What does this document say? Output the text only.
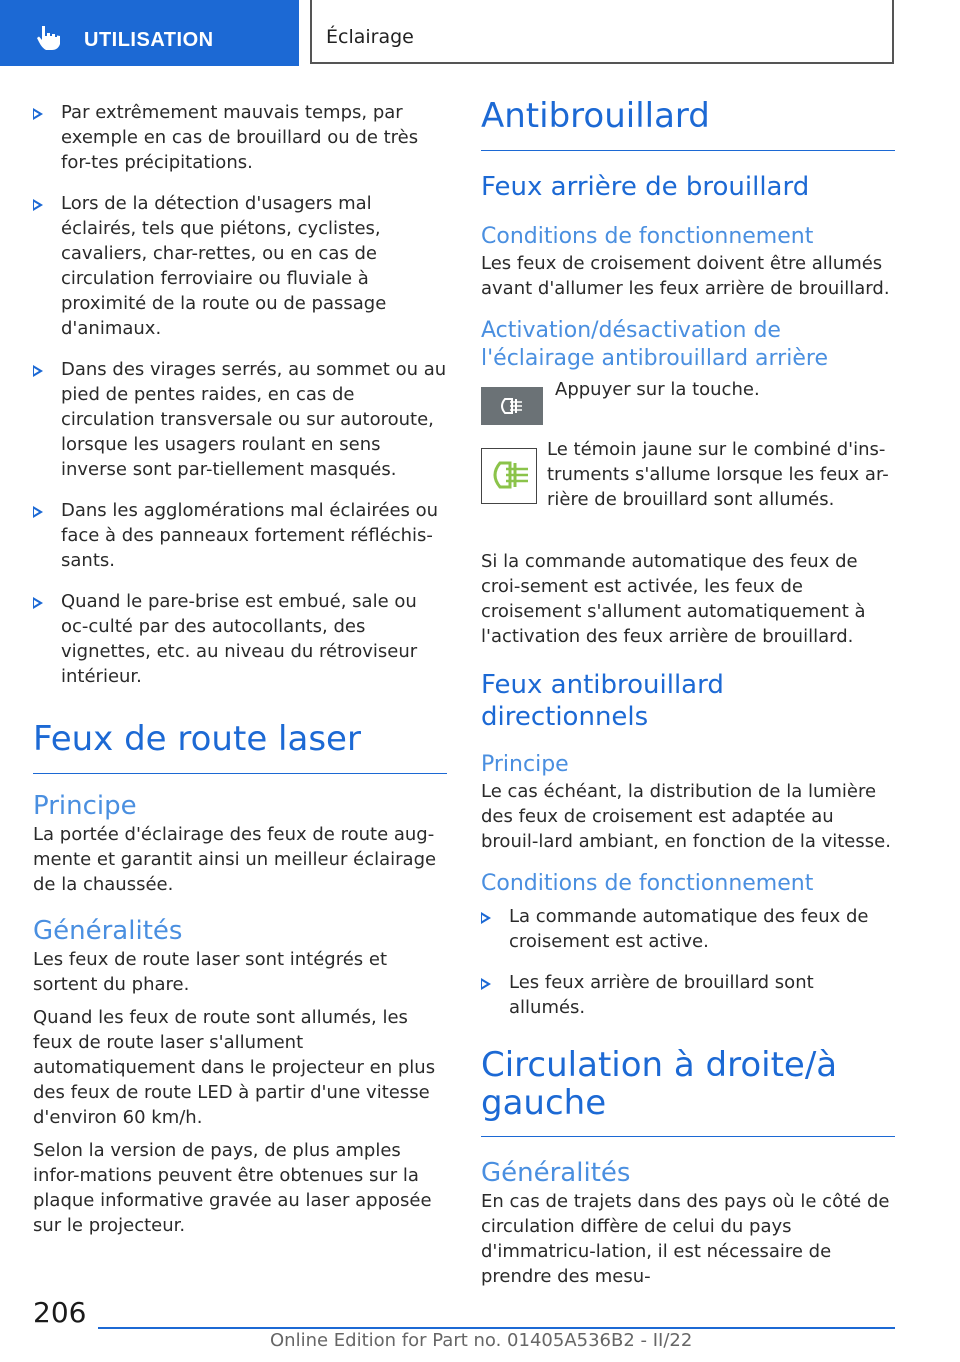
UTILISATION	Éclairage
Par extrêmement mauvais temps, par exemple en cas de brouillard ou de très for-tes précipitations.
Lors de la détection d'usagers mal éclairés, tels que piétons, cyclistes, cavaliers, char-rettes, ou en cas de circulation ferroviaire ou fluviale à proximité de la route ou de passage d'animaux.
Dans des virages serrés, au sommet ou au pied de pentes raides, en cas de circulation transversale ou sur autoroute, lorsque les usagers roulant en sens inverse sont par-tiellement masqués.
Dans les agglomérations mal éclairées ou face à des panneaux fortement réfléchis-sants.
Quand le pare-brise est embué, sale ou oc-culté par des autocollants, des vignettes, etc. au niveau du rétroviseur intérieur.
Feux de route laser
Principe

La portée d'éclairage des feux de route aug-mente et garantit ainsi un meilleur éclairage de la chaussée.

Généralités

Les feux de route laser sont intégrés et sortent du phare.

Quand les feux de route sont allumés, les feux de route laser s'allument automatiquement dans le projecteur en plus des feux de route LED à partir d'une vitesse d'environ 60 km/h.

Selon la version de pays, de plus amples infor-mations peuvent être obtenues sur la plaque informative gravée au laser apposée sur le projecteur.

Antibrouillard
Feux arrière de brouillard
Conditions de fonctionnement

Les feux de croisement doivent être allumés avant d'allumer les feux arrière de brouillard.

Activation/désactivation de l'éclairage antibrouillard arrière

Appuyer sur la touche.

Le témoin jaune sur le combiné d'ins-truments s'allume lorsque les feux ar-rière de brouillard sont allumés.

Si la commande automatique des feux de croi-sement est activée, les feux de croisement s'allument automatiquement à l'activation des feux arrière de brouillard.

Feux antibrouillard directionnels
Principe

Le cas échéant, la distribution de la lumière des feux de croisement est adaptée au brouil-lard ambiant, en fonction de la vitesse.

Conditions de fonctionnement
La commande automatique des feux de croisement est active.
Les feux arrière de brouillard sont allumés.
Circulation à droite/à gauche
Généralités

En cas de trajets dans des pays où le côté de circulation diffère de celui du pays d'immatricu-lation, il est nécessaire de prendre des mesu-

206
Online Edition for Part no. 01405A536B2 - II/22
